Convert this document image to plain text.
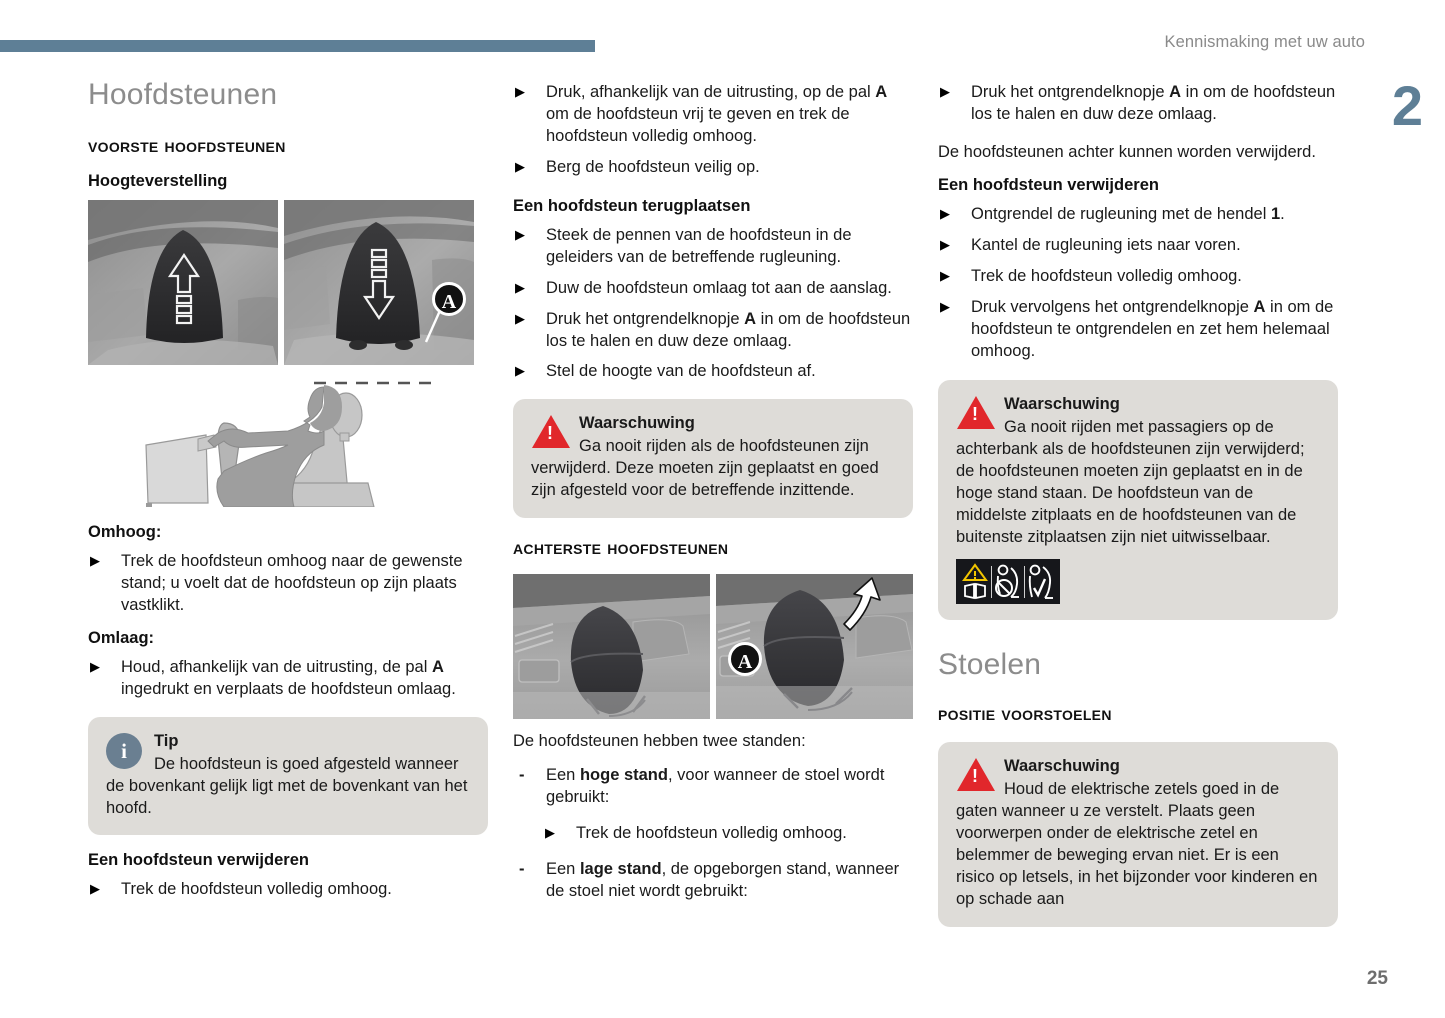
Kennismaking met uw auto
2
25
Hoofdsteunen
voorste hoofdsteunen
Hoogteverstelling
A
Omhoog:
▶ Trek de hoofdsteun omhoog naar de gewenste stand; u voelt dat de hoofdsteun op zijn plaats vastklikt.
Omlaag:
▶ Houd, afhankelijk van de uitrusting, de pal A ingedrukt en verplaats de hoofdsteun omlaag.
i	Tip
De hoofdsteun is goed afgesteld wanneer de bovenkant gelijk ligt met de bovenkant van het hoofd.
Een hoofdsteun verwijderen
▶ Trek de hoofdsteun volledig omhoog.
▶ Druk, afhankelijk van de uitrusting, op de pal A om de hoofdsteun vrij te geven en trek de hoofdsteun volledig omhoog.
▶ Berg de hoofdsteun veilig op.
Een hoofdsteun terugplaatsen
▶ Steek de pennen van de hoofdsteun in de geleiders van de betreffende rugleuning.
▶ Duw de hoofdsteun omlaag tot aan de aanslag.
▶ Druk het ontgrendelknopje A in om de hoofdsteun los te halen en duw deze omlaag.
▶ Stel de hoogte van de hoofdsteun af.
!
Waarschuwing
Ga nooit rijden als de hoofdsteunen zijn verwijderd. Deze moeten zijn geplaatst en goed zijn afgesteld voor de betreffende inzittende.
achterste hoofdsteunen
A

De hoofdsteunen hebben twee standen:

- Een hoge stand, voor wanneer de stoel wordt gebruikt:
▶ Trek de hoofdsteun volledig omhoog.
- Een lage stand, de opgeborgen stand, wanneer de stoel niet wordt gebruikt:
▶ Druk het ontgrendelknopje A in om de hoofdsteun los te halen en duw deze omlaag.

De hoofdsteunen achter kunnen worden verwijderd.

Een hoofdsteun verwijderen
▶ Ontgrendel de rugleuning met de hendel 1.
▶ Kantel de rugleuning iets naar voren.
▶ Trek de hoofdsteun volledig omhoog.
▶ Druk vervolgens het ontgrendelknopje A in om de hoofdsteun te ontgrendelen en zet hem helemaal omhoog.
!
Waarschuwing
Ga nooit rijden met passagiers op de achterbank als de hoofdsteunen zijn verwijderd; de hoofdsteunen moeten zijn geplaatst en in de hoge stand staan. De hoofdsteun van de middelste zitplaats en de hoofdsteunen van de buitenste zitplaatsen zijn niet uitwisselbaar.
Stoelen
positie voorstoelen
!
Waarschuwing
Houd de elektrische zetels goed in de gaten wanneer u ze verstelt. Plaats geen voorwerpen onder de elektrische zetel en belemmer de beweging ervan niet. Er is een risico op letsels, in het bijzonder voor kinderen en op schade aan
